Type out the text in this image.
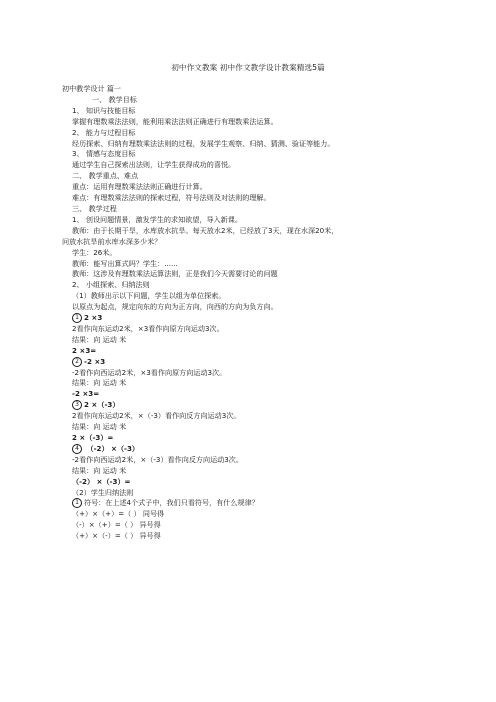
初中作文教案 初中作文教学设计教案精选5篇
初中教学设计 篇一
一、 教学目标
1、 知识与技能目标
掌握有理数乘法法则，能利用乘法法则正确进行有理数乘法运算。
2、 能力与过程目标
经历探索、归纳有理数乘法法则的过程，发展学生观察、归纳、猜测、验证等能力。
3、 情感与态度目标
通过学生自己探索出法则，让学生获得成功的喜悦。
二、 教学重点、难点
重点：运用有理数乘法法则正确进行计算。
难点：有理数乘法法则的探索过程，符号法则及对法则的理解。
三、 教学过程
1、 创设问题情景，激发学生的求知欲望，导入新课。
教师：由于长期干旱，水库放水抗旱。每天放水2米，已经放了3天，现在水深20米，
问放水抗旱前水库水深多少米？
学生：26米。
教师：能写出算式吗？学生：......
教师：这涉及有理数乘法运算法则，正是我们今天需要讨论的问题
2、 小组探索、归纳法则
（1）教师出示以下问题，学生以组为单位探索。
以原点为起点，规定向东的方向为正方向，向西的方向为负方向。
1 2 ×3
2看作向东运动2米，×3看作向原方向运动3次。
结果：向 运动 米
2 ×3=
2 -2 ×3
-2看作向西运动2米，×3看作向原方向运动3次。
结果：向 运动 米
-2 ×3=
3 2 ×（-3）
2看作向东运动2米，×（-3）看作向反方向运动3次。
结果：向 运动 米
2 ×（-3）=
4 （-2） ×（-3）
-2看作向西运动2米，×（-3）看作向反方向运动3次。
结果：向 运动 米
（-2） ×（-3）=
（2）学生归纳法则
1 符号：在上述4个式子中，我们只看符号，有什么规律？
（+）×（+）=（ ） 同号得
（-）×（+）=（ ） 异号得
（+）×（-）=（ ） 异号得
